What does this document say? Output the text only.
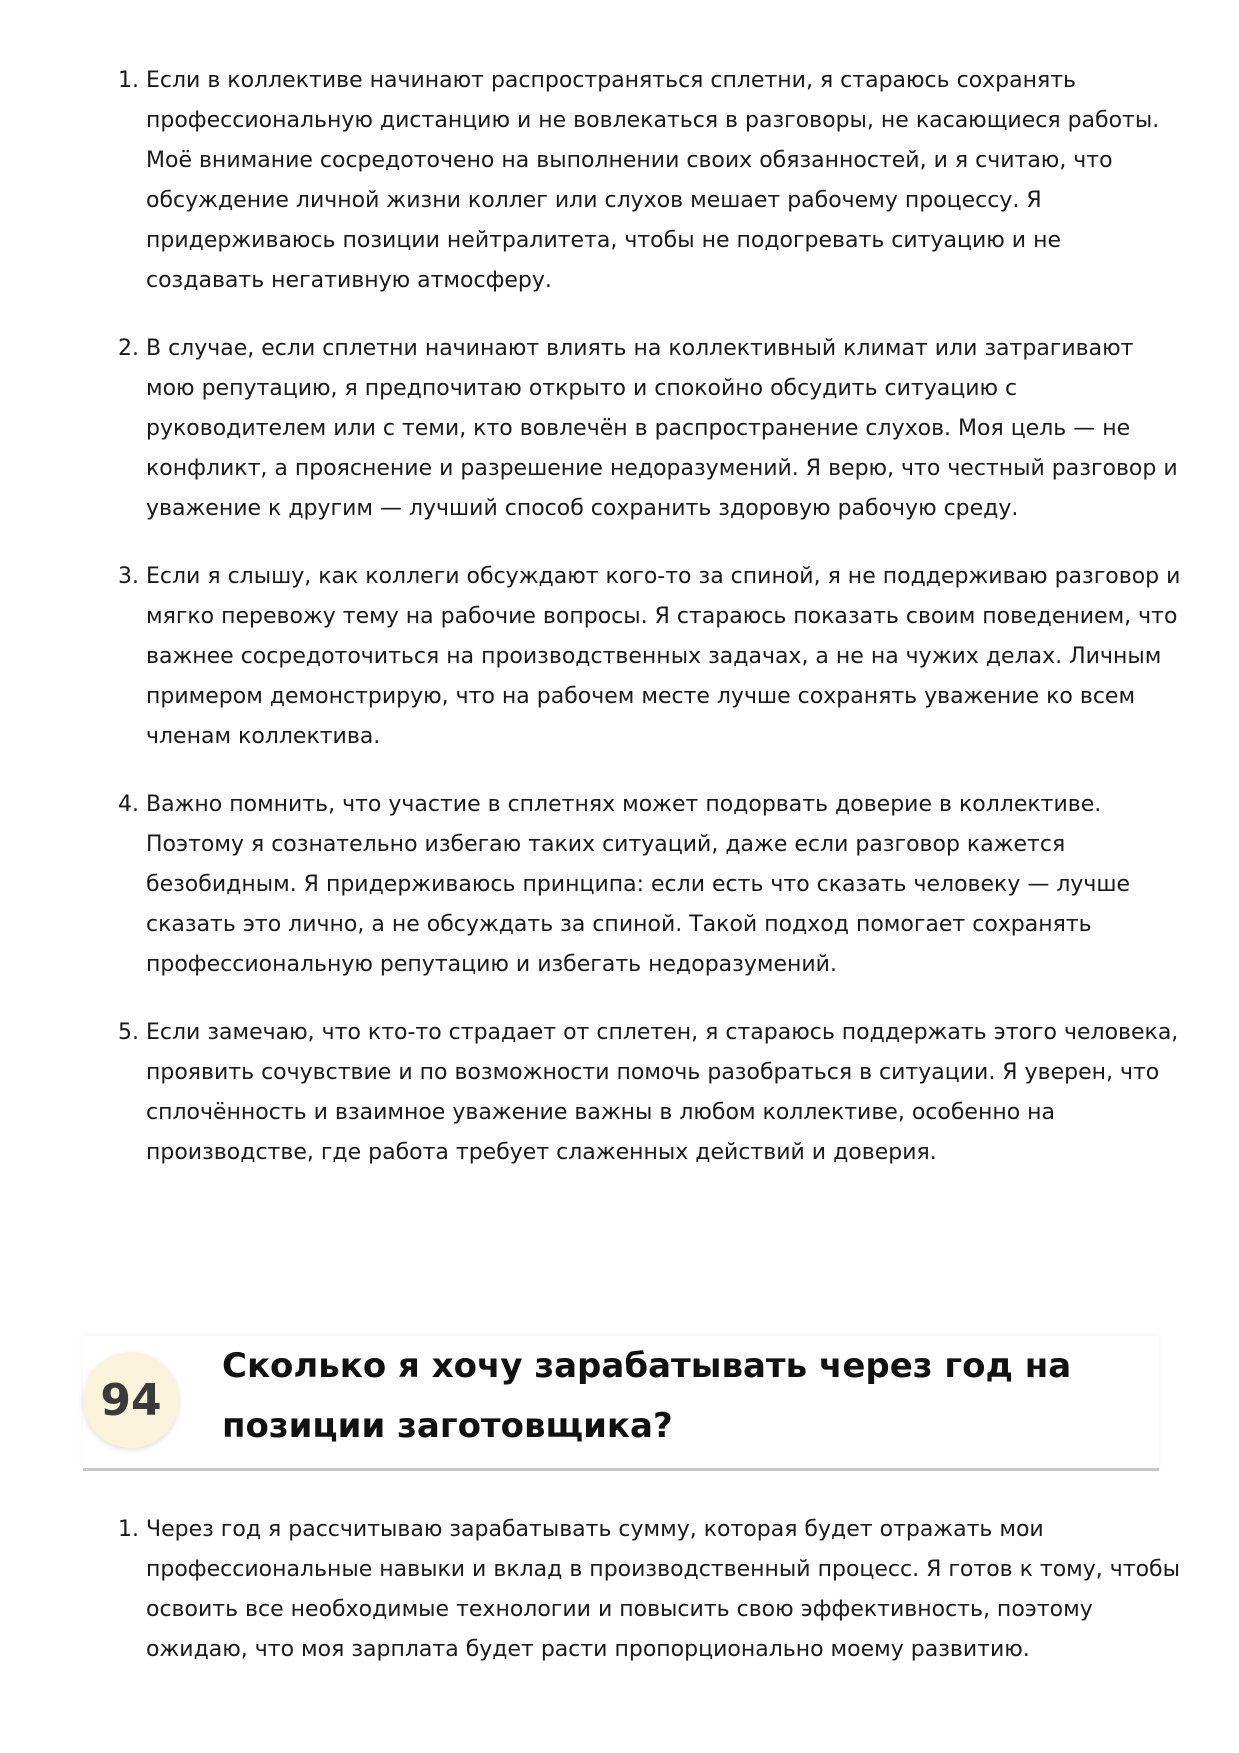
1. Если в коллективе начинают распространяться сплетни, я стараюсь сохранять профессиональную дистанцию и не вовлекаться в разговоры, не касающиеся работы. Моё внимание сосредоточено на выполнении своих обязанностей, и я считаю, что обсуждение личной жизни коллег или слухов мешает рабочему процессу. Я придерживаюсь позиции нейтралитета, чтобы не подогревать ситуацию и не создавать негативную атмосферу.
2. В случае, если сплетни начинают влиять на коллективный климат или затрагивают мою репутацию, я предпочитаю открыто и спокойно обсудить ситуацию с руководителем или с теми, кто вовлечён в распространение слухов. Моя цель — не конфликт, а прояснение и разрешение недоразумений. Я верю, что честный разговор и уважение к другим — лучший способ сохранить здоровую рабочую среду.
3. Если я слышу, как коллеги обсуждают кого-то за спиной, я не поддерживаю разговор и мягко перевожу тему на рабочие вопросы. Я стараюсь показать своим поведением, что важнее сосредоточиться на производственных задачах, а не на чужих делах. Личным примером демонстрирую, что на рабочем месте лучше сохранять уважение ко всем членам коллектива.
4. Важно помнить, что участие в сплетнях может подорвать доверие в коллективе. Поэтому я сознательно избегаю таких ситуаций, даже если разговор кажется безобидным. Я придерживаюсь принципа: если есть что сказать человеку — лучше сказать это лично, а не обсуждать за спиной. Такой подход помогает сохранять профессиональную репутацию и избегать недоразумений.
5. Если замечаю, что кто-то страдает от сплетен, я стараюсь поддержать этого человека, проявить сочувствие и по возможности помочь разобраться в ситуации. Я уверен, что сплочённость и взаимное уважение важны в любом коллективе, особенно на производстве, где работа требует слаженных действий и доверия.
94
Сколько я хочу зарабатывать через год на позиции заготовщика?
1. Через год я рассчитываю зарабатывать сумму, которая будет отражать мои профессиональные навыки и вклад в производственный процесс. Я готов к тому, чтобы освоить все необходимые технологии и повысить свою эффективность, поэтому ожидаю, что моя зарплата будет расти пропорционально моему развитию.
